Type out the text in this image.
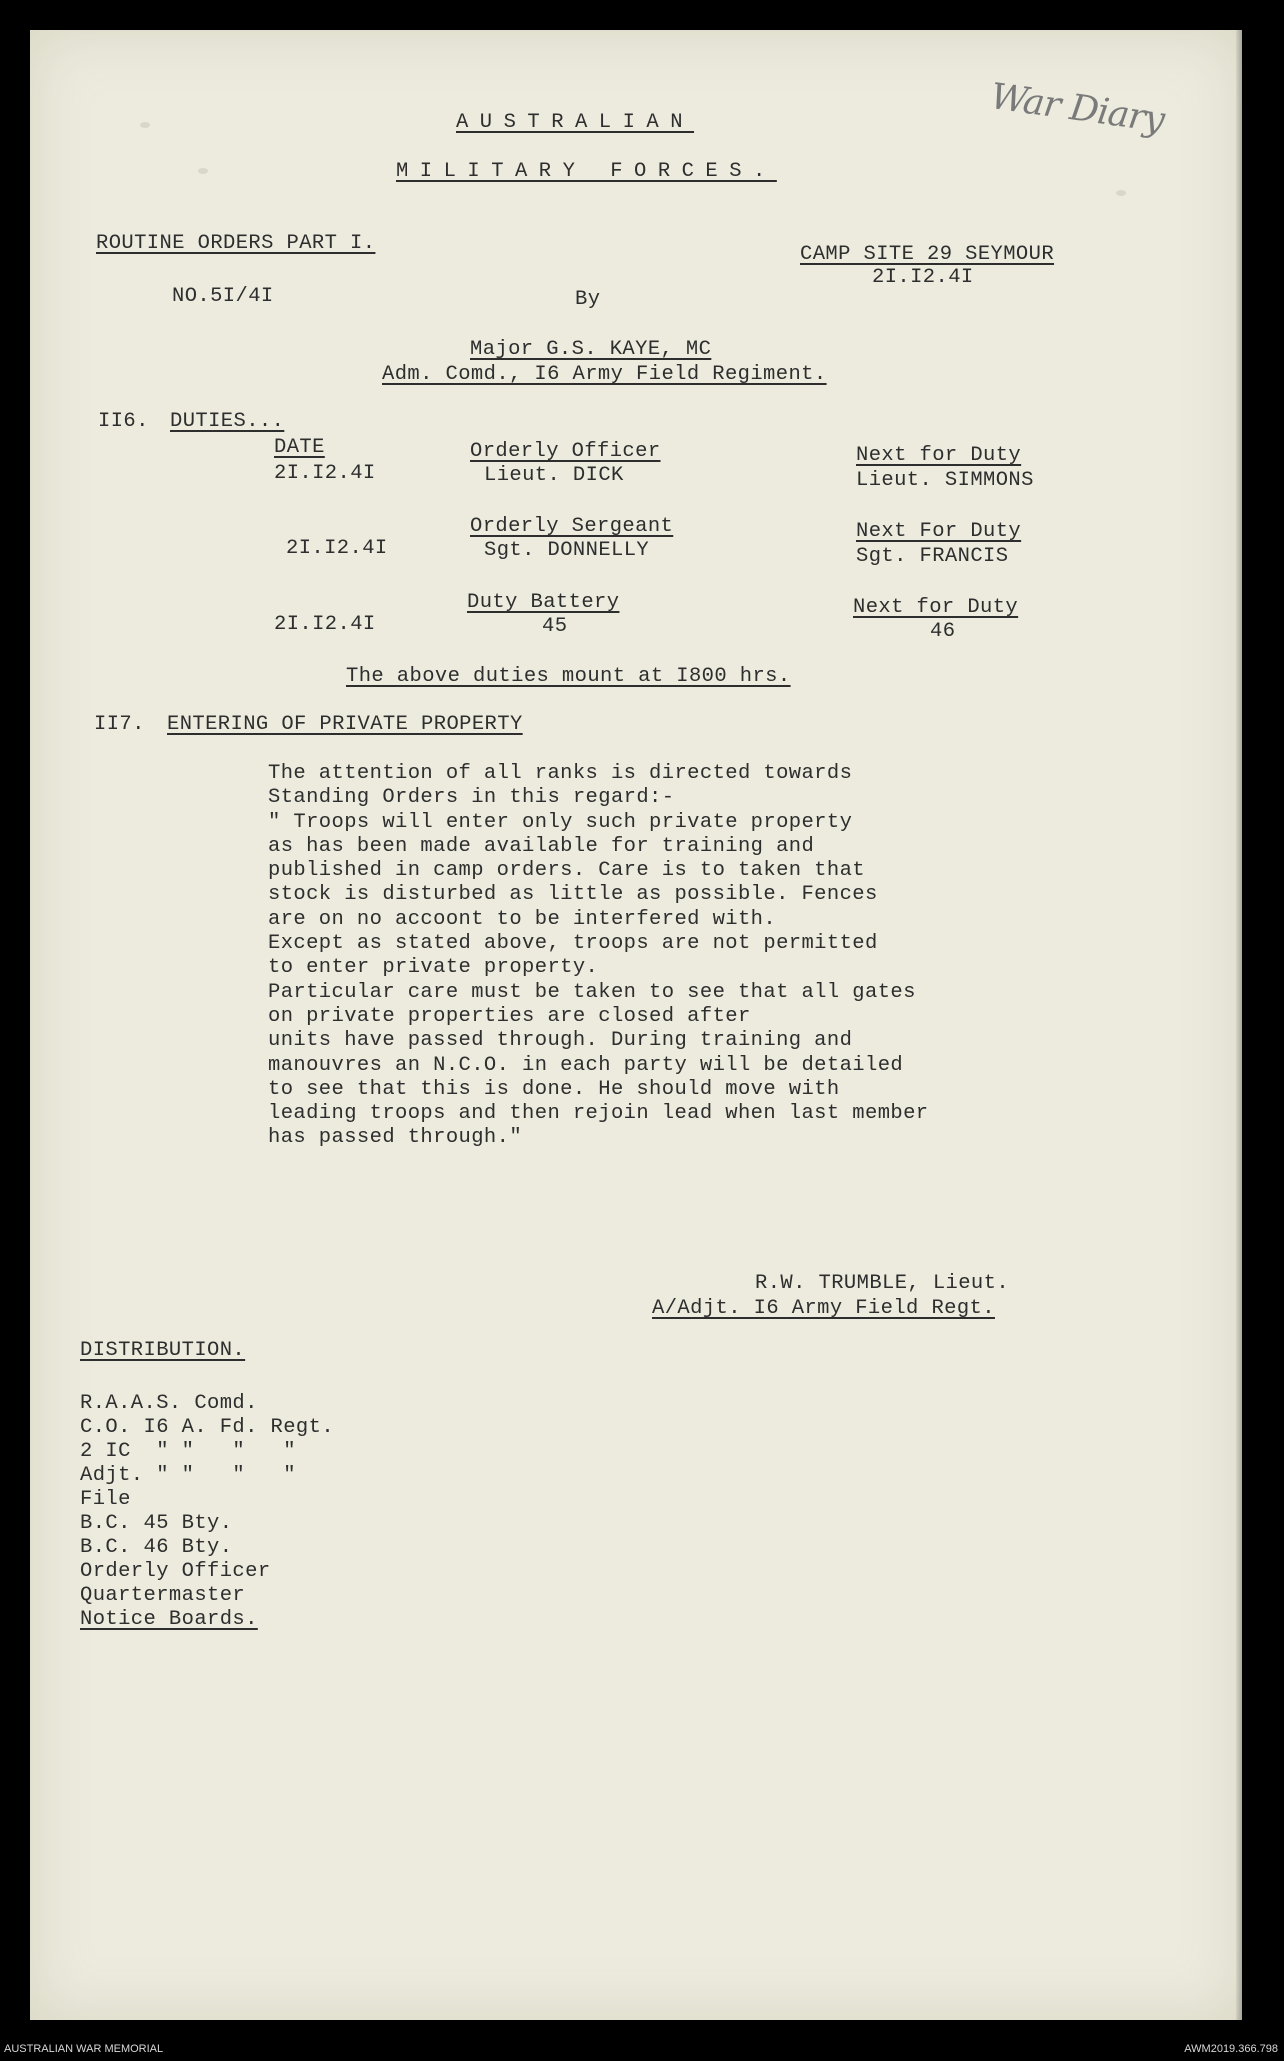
War Diary
AUSTRALIAN
MILITARY FORCES.
ROUTINE ORDERS PART I.
NO.5I/4I	By
CAMP SITE 29 SEYMOUR
2I.I2.4I
Major G.S. KAYE, MC
Adm. Comd., I6 Army Field Regiment.
II6. DUTIES...
DATE
2I.I2.4I
Orderly Officer
Lieut. DICK
Next for Duty
Lieut. SIMMONS
2I.I2.4I
Orderly Sergeant
Sgt. DONNELLY
Next For Duty
Sgt. FRANCIS
2I.I2.4I
Duty Battery
45
Next for Duty
46
The above duties mount at I800 hrs.
II7. ENTERING OF PRIVATE PROPERTY
The attention of all ranks is directed towards
Standing Orders in this regard:-
" Troops will enter only such private property
as has been made available for training and
published in camp orders. Care is to taken that
stock is disturbed as little as possible. Fences
are on no accoont to be interfered with.
Except as stated above, troops are not permitted
to enter private property.
Particular care must be taken to see that all gates
on private properties are closed after
units have passed through. During training and
manouvres an N.C.O. in each party will be detailed
to see that this is done. He should move with
leading troops and then rejoin lead when last member
has passed through."
R.W. TRUMBLE, Lieut.
A/Adjt. I6 Army Field Regt.
DISTRIBUTION.
R.A.A.S. Comd.
C.O. I6 A. Fd. Regt.
2 IC  " "   "   "
Adjt. " "   "   "
File
B.C. 45 Bty.
B.C. 46 Bty.
Orderly Officer
Quartermaster
Notice Boards.
AUSTRALIAN WAR MEMORIAL	AWM2019.366.798
